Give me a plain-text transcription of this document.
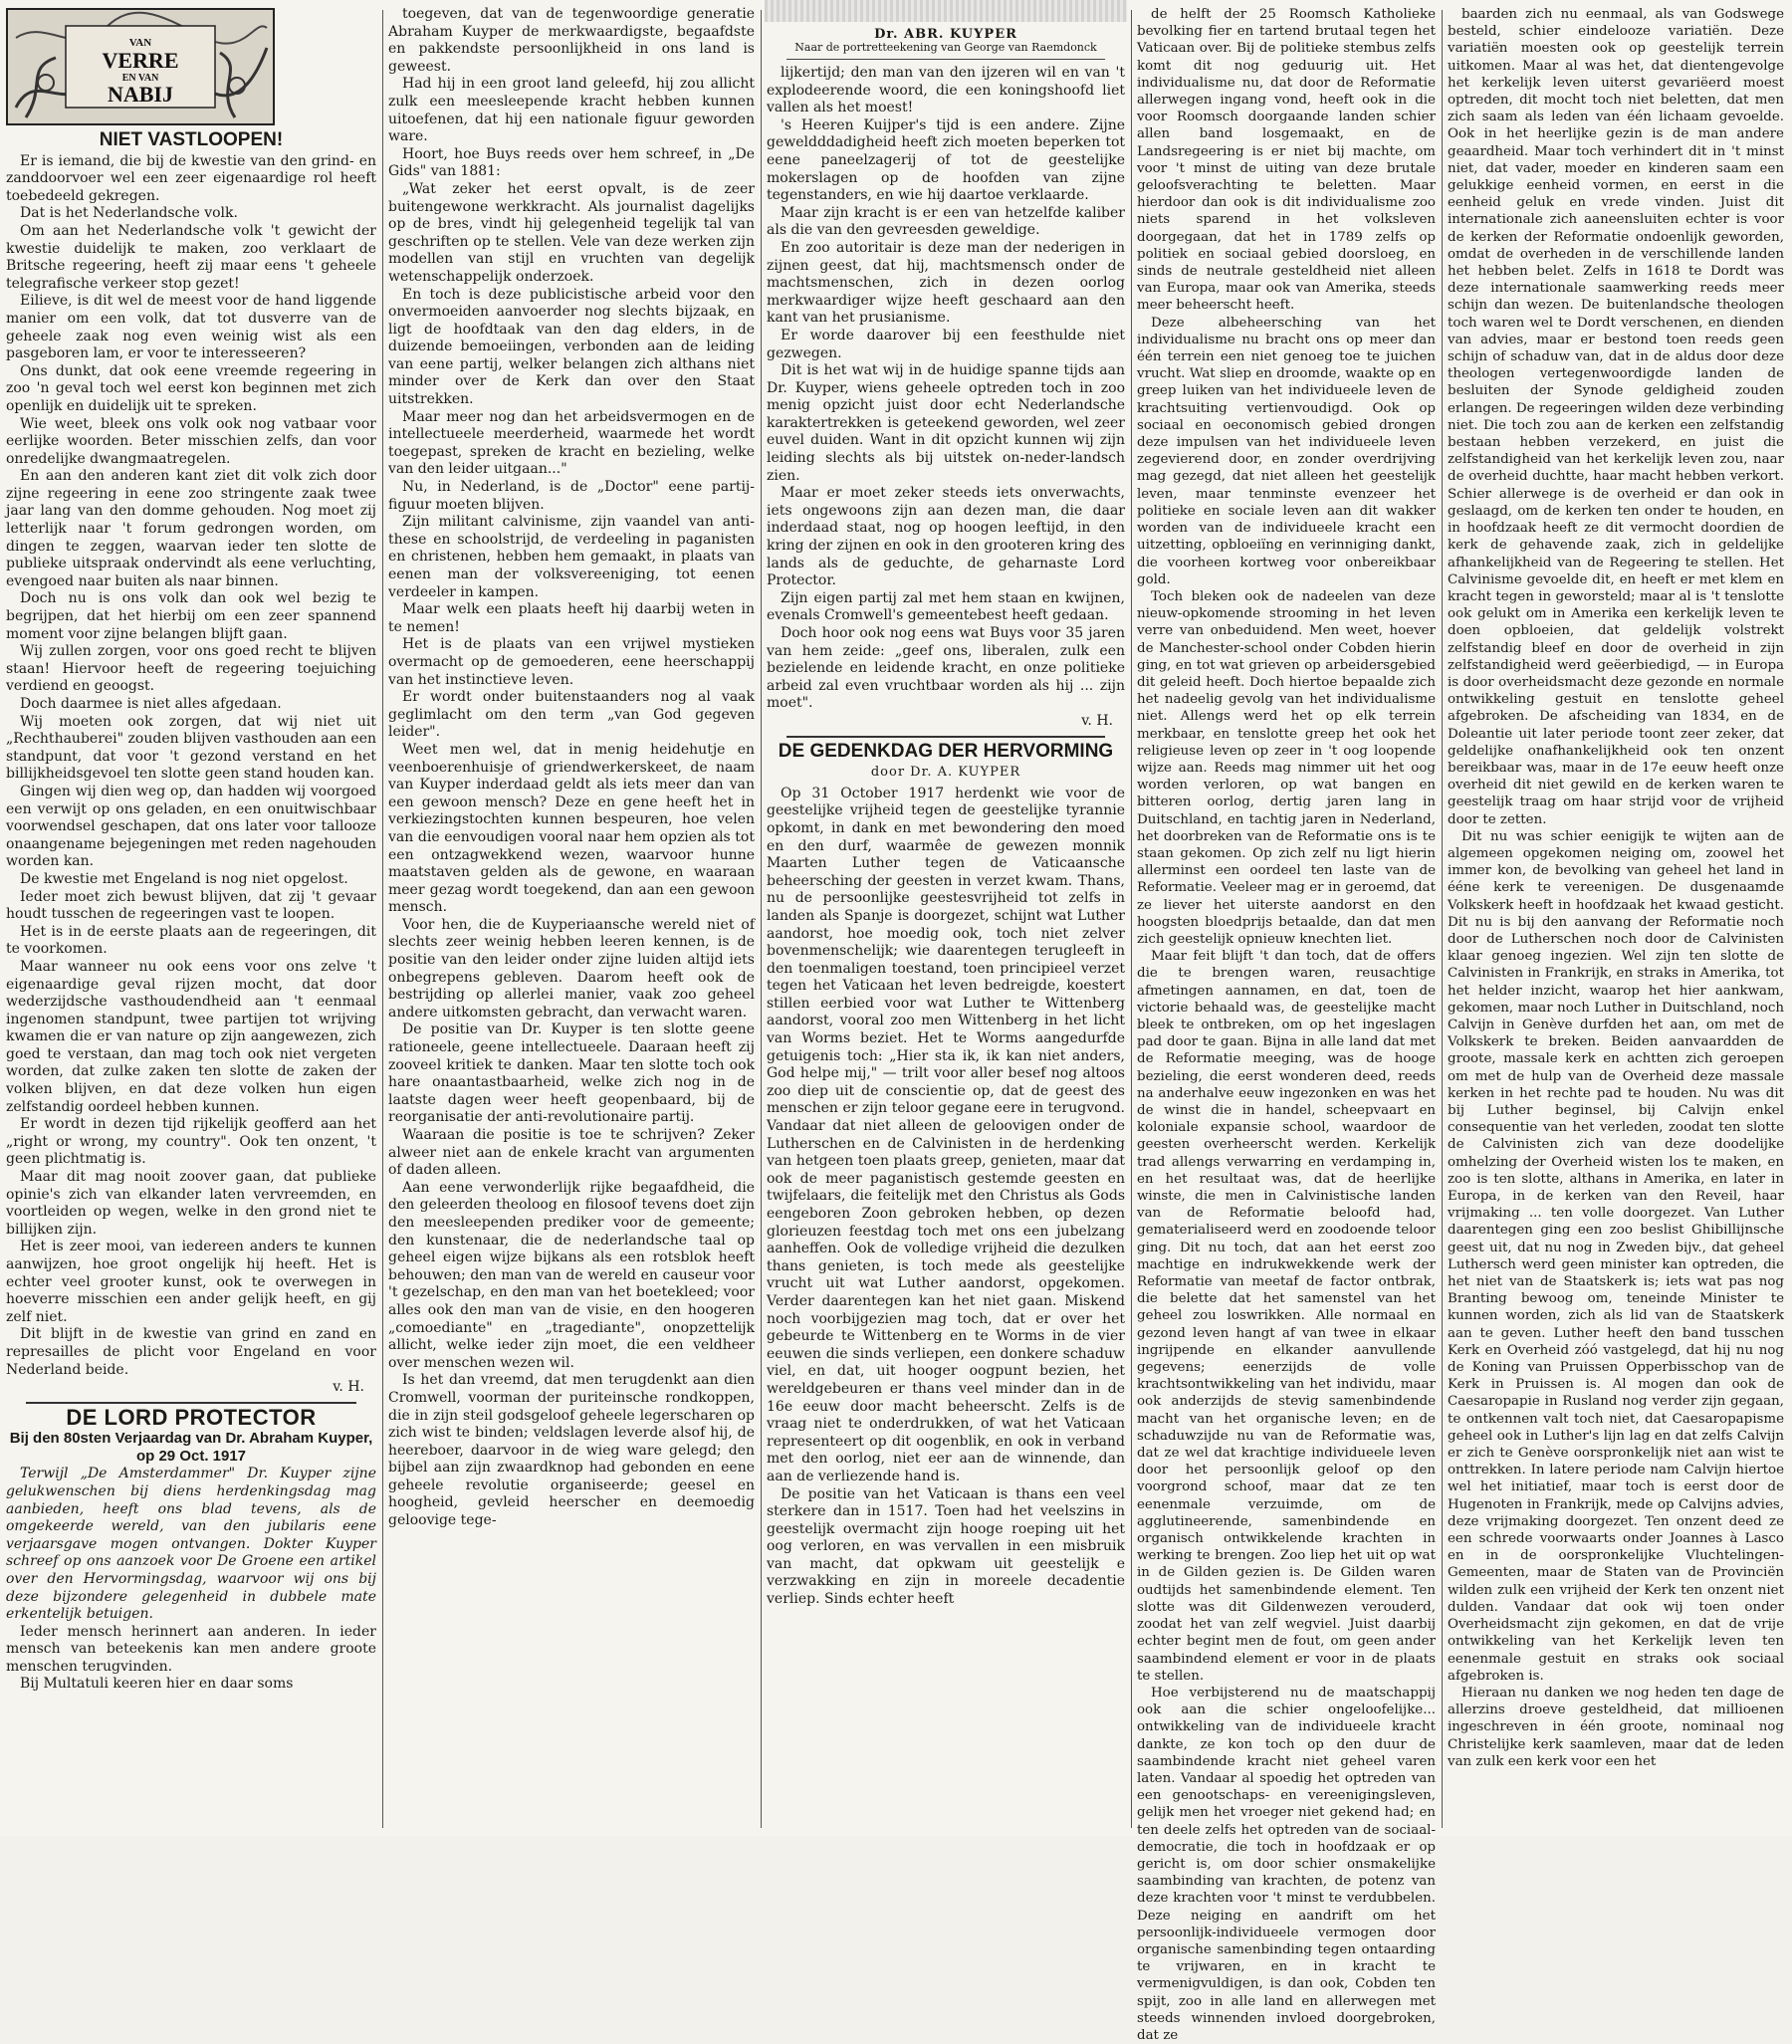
VAN
VERRE
EN VAN
NABIJ
NIET VASTLOOPEN!

Er is iemand, die bij de kwestie van den grind- en zanddoorvoer wel een zeer eigenaardige rol heeft toebedeeld gekregen.

Dat is het Nederlandsche volk.

Om aan het Nederlandsche volk 't gewicht der kwestie duidelijk te maken, zoo verklaart de Britsche regeering, heeft zij maar eens 't geheele telegrafische verkeer stop gezet!

Eilieve, is dit wel de meest voor de hand liggende manier om een volk, dat tot dusverre van de geheele zaak nog even weinig wist als een pasgeboren lam, er voor te interesseeren?

Ons dunkt, dat ook eene vreemde regeering in zoo 'n geval toch wel eerst kon beginnen met zich openlijk en duidelijk uit te spreken.

Wie weet, bleek ons volk ook nog vatbaar voor eerlijke woorden. Beter misschien zelfs, dan voor onredelijke dwangmaatregelen.

En aan den anderen kant ziet dit volk zich door zijne regeering in eene zoo stringente zaak twee jaar lang van den domme gehouden. Nog moet zij letterlijk naar 't forum gedrongen worden, om dingen te zeggen, waarvan ieder ten slotte de publieke uitspraak ondervindt als eene verluchting, evengoed naar buiten als naar binnen.

Doch nu is ons volk dan ook wel bezig te begrijpen, dat het hierbij om een zeer spannend moment voor zijne belangen blijft gaan.

Wij zullen zorgen, voor ons goed recht te blijven staan! Hiervoor heeft de regeering toejuiching verdiend en geoogst.

Doch daarmee is niet alles afgedaan.

Wij moeten ook zorgen, dat wij niet uit „Rechthauberei" zouden blijven vasthouden aan een standpunt, dat voor 't gezond verstand en het billijkheidsgevoel ten slotte geen stand houden kan.

Gingen wij dien weg op, dan hadden wij voorgoed een verwijt op ons geladen, en een onuitwischbaar voorwendsel geschapen, dat ons later voor tallooze onaangename bejegeningen met reden nagehouden worden kan.

De kwestie met Engeland is nog niet opgelost.

Ieder moet zich bewust blijven, dat zij 't gevaar houdt tusschen de regeeringen vast te loopen.

Het is in de eerste plaats aan de regeeringen, dit te voorkomen.

Maar wanneer nu ook eens voor ons zelve 't eigenaardige geval rijzen mocht, dat door wederzijdsche vasthoudendheid aan 't eenmaal ingenomen standpunt, twee partijen tot wrijving kwamen die er van nature op zijn aangewezen, zich goed te verstaan, dan mag toch ook niet vergeten worden, dat zulke zaken ten slotte de zaken der volken blijven, en dat deze volken hun eigen zelfstandig oordeel hebben kunnen.

Er wordt in dezen tijd rijkelijk geofferd aan het „right or wrong, my country". Ook ten onzent, 't geen plichtmatig is.

Maar dit mag nooit zoover gaan, dat publieke opinie's zich van elkander laten vervreemden, en voortleiden op wegen, welke in den grond niet te billijken zijn.

Het is zeer mooi, van iedereen anders te kunnen aanwijzen, hoe groot ongelijk hij heeft. Het is echter veel grooter kunst, ook te overwegen in hoeverre misschien een ander gelijk heeft, en gij zelf niet.

Dit blijft in de kwestie van grind en zand en represailles de plicht voor Engeland en voor Nederland beide.

v. H.

DE LORD PROTECTOR
Bij den 80sten Verjaardag van Dr. Abraham Kuyper, op 29 Oct. 1917

Terwijl „De Amsterdammer" Dr. Kuyper zijne gelukwenschen bij diens herdenkingsdag mag aanbieden, heeft ons blad tevens, als de omgekeerde wereld, van den jubilaris eene verjaarsgave mogen ontvangen. Dokter Kuyper schreef op ons aanzoek voor De Groene een artikel over den Hervormingsdag, waarvoor wij ons bij deze bijzondere gelegenheid in dubbele mate erkentelijk betuigen.

Ieder mensch herinnert aan anderen. In ieder mensch van beteekenis kan men andere groote menschen terugvinden.

Bij Multatuli keeren hier en daar soms

toegeven, dat van de tegenwoordige generatie Abraham Kuyper de merkwaardigste, begaafdste en pakkendste persoonlijkheid in ons land is geweest.

Had hij in een groot land geleefd, hij zou allicht zulk een meesleepende kracht hebben kunnen uitoefenen, dat hij een nationale figuur geworden ware.

Hoort, hoe Buys reeds over hem schreef, in „De Gids" van 1881:

„Wat zeker het eerst opvalt, is de zeer buitengewone werkkracht. Als journalist dagelijks op de bres, vindt hij gelegenheid tegelijk tal van geschriften op te stellen. Vele van deze werken zijn modellen van stijl en vruchten van degelijk wetenschappelijk onderzoek.

En toch is deze publicistische arbeid voor den onvermoeiden aanvoerder nog slechts bijzaak, en ligt de hoofdtaak van den dag elders, in de duizende bemoeiingen, verbonden aan de leiding van eene partij, welker belangen zich althans niet minder over de Kerk dan over den Staat uitstrekken.

Maar meer nog dan het arbeidsvermogen en de intellectueele meerderheid, waarmede het wordt toegepast, spreken de kracht en bezieling, welke van den leider uitgaan..."

Nu, in Nederland, is de „Doctor" eene partij-figuur moeten blijven.

Zijn militant calvinisme, zijn vaandel van anti-these en schoolstrijd, de verdeeling in paganisten en christenen, hebben hem gemaakt, in plaats van eenen man der volksvereeniging, tot eenen verdeeler in kampen.

Maar welk een plaats heeft hij daarbij weten in te nemen!

Het is de plaats van een vrijwel mystieken overmacht op de gemoederen, eene heerschappij van het instinctieve leven.

Er wordt onder buitenstaanders nog al vaak geglimlacht om den term „van God gegeven leider".

Weet men wel, dat in menig heidehutje en veenboerenhuisje of griendwerkerskeet, de naam van Kuyper inderdaad geldt als iets meer dan van een gewoon mensch? Deze en gene heeft het in verkiezingstochten kunnen bespeuren, hoe velen van die eenvoudigen vooral naar hem opzien als tot een ontzagwekkend wezen, waarvoor hunne maatstaven gelden als de gewone, en waaraan meer gezag wordt toegekend, dan aan een gewoon mensch.

Voor hen, die de Kuyperiaansche wereld niet of slechts zeer weinig hebben leeren kennen, is de positie van den leider onder zijne luiden altijd iets onbegrepens gebleven. Daarom heeft ook de bestrijding op allerlei manier, vaak zoo geheel andere uitkomsten gebracht, dan verwacht waren.

De positie van Dr. Kuyper is ten slotte geene rationeele, geene intellectueele. Daaraan heeft zij zooveel kritiek te danken. Maar ten slotte toch ook hare onaantastbaarheid, welke zich nog in de laatste dagen weer heeft geopenbaard, bij de reorganisatie der anti-revolutionaire partij.

Waaraan die positie is toe te schrijven? Zeker alweer niet aan de enkele kracht van argumenten of daden alleen.

Aan eene verwonderlijk rijke begaafdheid, die den geleerden theoloog en filosoof tevens doet zijn den meesleependen prediker voor de gemeente; den kunstenaar, die de nederlandsche taal op geheel eigen wijze bijkans als een rotsblok heeft behouwen; den man van de wereld en causeur voor 't gezelschap, en den man van het boetekleed; voor alles ook den man van de visie, en den hoogeren „comoediante" en „tragediante", onopzettelijk allicht, welke ieder zijn moet, die een veldheer over menschen wezen wil.

Is het dan vreemd, dat men terugdenkt aan dien Cromwell, voorman der puriteinsche rondkoppen, die in zijn steil godsgeloof geheele legerscharen op zich wist te binden; veldslagen leverde alsof hij, de heereboer, daarvoor in de wieg ware gelegd; den bijbel aan zijn zwaardknop had gebonden en eene geheele revolutie organiseerde; geesel en hoogheid, gevleid heerscher en deemoedig geloovige tege-

Dr. ABR. KUYPER
Naar de portretteekening van George van Raemdonck

lijkertijd; den man van den ijzeren wil en van 't explodeerende woord, die een koningshoofd liet vallen als het moest!

's Heeren Kuijper's tijd is een andere. Zijne geweldddadigheid heeft zich moeten beperken tot eene paneelzagerij of tot de geestelijke mokerslagen op de hoofden van zijne tegenstanders, en wie hij daartoe verklaarde.

Maar zijn kracht is er een van hetzelfde kaliber als die van den gevreesden geweldige.

En zoo autoritair is deze man der nederigen in zijnen geest, dat hij, machtsmensch onder de machtsmenschen, zich in dezen oorlog merkwaardiger wijze heeft geschaard aan den kant van het prusianisme.

Er worde daarover bij een feesthulde niet gezwegen.

Dit is het wat wij in de huidige spanne tijds aan Dr. Kuyper, wiens geheele optreden toch in zoo menig opzicht juist door echt Nederlandsche karaktertrekken is geteekend geworden, wel zeer euvel duiden. Want in dit opzicht kunnen wij zijn leiding slechts als bij uitstek on-neder-landsch zien.

Maar er moet zeker steeds iets onverwachts, iets ongewoons zijn aan dezen man, die daar inderdaad staat, nog op hoogen leeftijd, in den kring der zijnen en ook in den grooteren kring des lands als de geduchte, de geharnaste Lord Protector.

Zijn eigen partij zal met hem staan en kwijnen, evenals Cromwell's gemeentebest heeft gedaan.

Doch hoor ook nog eens wat Buys voor 35 jaren van hem zeide: „geef ons, liberalen, zulk een bezielende en leidende kracht, en onze politieke arbeid zal even vruchtbaar worden als hij ... zijn moet".

v. H.

DE GEDENKDAG DER HERVORMING
door Dr. A. KUYPER

Op 31 October 1917 herdenkt wie voor de geestelijke vrijheid tegen de geestelijke tyrannie opkomt, in dank en met bewondering den moed en den durf, waarmêe de gewezen monnik Maarten Luther tegen de Vaticaansche beheersching der geesten in verzet kwam. Thans, nu de persoonlijke geestesvrijheid tot zelfs in landen als Spanje is doorgezet, schijnt wat Luther aandorst, hoe moedig ook, toch niet zelver bovenmenschelijk; wie daarentegen terugleeft in den toenmaligen toestand, toen principieel verzet tegen het Vaticaan het leven bedreigde, koestert stillen eerbied voor wat Luther te Wittenberg aandorst, vooral zoo men Wittenberg in het licht van Worms beziet. Het te Worms aangedurfde getuigenis toch: „Hier sta ik, ik kan niet anders, God helpe mij," — trilt voor aller besef nog altoos zoo diep uit de conscientie op, dat de geest des menschen er zijn teloor gegane eere in terugvond. Vandaar dat niet alleen de geloovigen onder de Lutherschen en de Calvinisten in de herdenking van hetgeen toen plaats greep, genieten, maar dat ook de meer paganistisch gestemde geesten en twijfelaars, die feitelijk met den Christus als Gods eengeboren Zoon gebroken hebben, op dezen glorieuzen feestdag toch met ons een jubelzang aanheffen. Ook de volledige vrijheid die dezulken thans genieten, is toch mede als geestelijke vrucht uit wat Luther aandorst, opgekomen. Verder daarentegen kan het niet gaan. Miskend noch voorbijgezien mag toch, dat er over het gebeurde te Wittenberg en te Worms in de vier eeuwen die sinds verliepen, een donkere schaduw viel, en dat, uit hooger oogpunt bezien, het wereldgebeuren er thans veel minder dan in de 16e eeuw door macht beheerscht. Zelfs is de vraag niet te onderdrukken, of wat het Vaticaan representeert op dit oogenblik, en ook in verband met den oorlog, niet eer aan de winnende, dan aan de verliezende hand is.

De positie van het Vaticaan is thans een veel sterkere dan in 1517. Toen had het veelszins in geestelijk overmacht zijn hooge roeping uit het oog verloren, en was vervallen in een misbruik van macht, dat opkwam uit geestelijk e verzwakking en zijn in moreele decadentie verliep. Sinds echter heeft

de helft der 25 Roomsch Katholieke bevolking fier en tartend brutaal tegen het Vaticaan over. Bij de politieke stembus zelfs komt dit nog geduurig uit. Het individualisme nu, dat door de Reformatie allerwegen ingang vond, heeft ook in die voor Roomsch doorgaande landen schier allen band losgemaakt, en de Landsregeering is er niet bij machte, om voor 't minst de uiting van deze brutale geloofsverachting te beletten. Maar hierdoor dan ook is dit individualisme zoo niets sparend in het volksleven doorgegaan, dat het in 1789 zelfs op politiek en sociaal gebied doorsloeg, en sinds de neutrale gesteldheid niet alleen van Europa, maar ook van Amerika, steeds meer beheerscht heeft.

Deze albeheersching van het individualisme nu bracht ons op meer dan één terrein een niet genoeg toe te juichen vrucht. Wat sliep en droomde, waakte op en greep luiken van het individueele leven de krachtsuiting vertienvoudigd. Ook op sociaal en oeconomisch gebied drongen deze impulsen van het individueele leven zegevierend door, en zonder overdrijving mag gezegd, dat niet alleen het geestelijk leven, maar tenminste evenzeer het politieke en sociale leven aan dit wakker worden van de individueele kracht een uitzetting, opbloeiïng en verinniging dankt, die voorheen kortweg voor onbereikbaar gold.

Toch bleken ook de nadeelen van deze nieuw-opkomende strooming in het leven verre van onbeduidend. Men weet, hoever de Manchester-school onder Cobden hierin ging, en tot wat grieven op arbeidersgebied dit geleid heeft. Doch hiertoe bepaalde zich het nadeelig gevolg van het individualisme niet. Allengs werd het op elk terrein merkbaar, en tenslotte greep het ook het religieuse leven op zeer in 't oog loopende wijze aan. Reeds mag nimmer uit het oog worden verloren, op wat bangen en bitteren oorlog, dertig jaren lang in Duitschland, en tachtig jaren in Nederland, het doorbreken van de Reformatie ons is te staan gekomen. Op zich zelf nu ligt hierin allerminst een oordeel ten laste van de Reformatie. Veeleer mag er in geroemd, dat ze liever het uiterste aandorst en den hoogsten bloedprijs betaalde, dan dat men zich geestelijk opnieuw knechten liet.

Maar feit blijft 't dan toch, dat de offers die te brengen waren, reusachtige afmetingen aannamen, en dat, toen de victorie behaald was, de geestelijke macht bleek te ontbreken, om op het ingeslagen pad door te gaan. Bijna in alle land dat met de Reformatie meeging, was de hooge bezieling, die eerst wonderen deed, reeds na anderhalve eeuw ingezonken en was het de winst die in handel, scheepvaart en koloniale expansie school, waardoor de geesten overheerscht werden. Kerkelijk trad allengs verwarring en verdamping in, en het resultaat was, dat de heerlijke winste, die men in Calvinistische landen van de Reformatie beloofd had, gematerialiseerd werd en zoodoende teloor ging. Dit nu toch, dat aan het eerst zoo machtige en indrukwekkende werk der Reformatie van meetaf de factor ontbrak, die belette dat het samenstel van het geheel zou loswrikken. Alle normaal en gezond leven hangt af van twee in elkaar ingrijpende en elkander aanvullende gegevens; eenerzijds de volle krachtsontwikkeling van het individu, maar ook anderzijds de stevig samenbindende macht van het organische leven; en de schaduwzijde nu van de Reformatie was, dat ze wel dat krachtige individueele leven door het persoonlijk geloof op den voorgrond schoof, maar dat ze ten eenenmale verzuimde, om de agglutineerende, samenbindende en organisch ontwikkelende krachten in werking te brengen. Zoo liep het uit op wat in de Gilden gezien is. De Gilden waren oudtijds het samenbindende element. Ten slotte was dit Gildenwezen verouderd, zoodat het van zelf wegviel. Juist daarbij echter begint men de fout, om geen ander saambindend element er voor in de plaats te stellen.

Hoe verbijsterend nu de maatschappij ook aan die schier ongeloofelijke... ontwikkeling van de individueele kracht dankte, ze kon toch op den duur de saambindende kracht niet geheel varen laten. Vandaar al spoedig het optreden van een genootschaps- en vereenigingsleven, gelijk men het vroeger niet gekend had; en ten deele zelfs het optreden van de sociaal-democratie, die toch in hoofdzaak er op gericht is, om door schier onsmakelijke saambinding van krachten, de potenz van deze krachten voor 't minst te verdubbelen. Deze neiging en aandrift om het persoonlijk-individueele vermogen door organische samenbinding tegen ontaarding te vrijwaren, en in kracht te vermenigvuldigen, is dan ook, Cobden ten spijt, zoo in alle land en allerwegen met steeds winnenden invloed doorgebroken, dat ze

baarden zich nu eenmaal, als van Godswege besteld, schier eindelooze variatiën. Deze variatiën moesten ook op geestelijk terrein uitkomen. Maar al was het, dat dientengevolge het kerkelijk leven uiterst gevariëerd moest optreden, dit mocht toch niet beletten, dat men zich saam als leden van één lichaam gevoelde. Ook in het heerlijke gezin is de man andere geaardheid. Maar toch verhindert dit in 't minst niet, dat vader, moeder en kinderen saam een gelukkige eenheid vormen, en eerst in die eenheid geluk en vrede vinden. Juist dit internationale zich aaneensluiten echter is voor de kerken der Reformatie ondoenlijk geworden, omdat de overheden in de verschillende landen het hebben belet. Zelfs in 1618 te Dordt was deze internationale saamwerking reeds meer schijn dan wezen. De buitenlandsche theologen toch waren wel te Dordt verschenen, en dienden van advies, maar er bestond toen reeds geen schijn of schaduw van, dat in de aldus door deze theologen vertegenwoordigde landen de besluiten der Synode geldigheid zouden erlangen. De regeeringen wilden deze verbinding niet. Die toch zou aan de kerken een zelfstandig bestaan hebben verzekerd, en juist die zelfstandigheid van het kerkelijk leven zou, naar de overheid duchtte, haar macht hebben verkort. Schier allerwege is de overheid er dan ook in geslaagd, om de kerken ten onder te houden, en in hoofdzaak heeft ze dit vermocht doordien de kerk de gehavende zaak, zich in geldelijke afhankelijkheid van de Regeering te stellen. Het Calvinisme gevoelde dit, en heeft er met klem en kracht tegen in geworsteld; maar al is 't tenslotte ook gelukt om in Amerika een kerkelijk leven te doen opbloeien, dat geldelijk volstrekt zelfstandig bleef en door de overheid in zijn zelfstandigheid werd geëerbiedigd, — in Europa is door overheidsmacht deze gezonde en normale ontwikkeling gestuit en tenslotte geheel afgebroken. De afscheiding van 1834, en de Doleantie uit later periode toont zeer zeker, dat geldelijke onafhankelijkheid ook ten onzent bereikbaar was, maar in de 17e eeuw heeft onze overheid dit niet gewild en de kerken waren te geestelijk traag om haar strijd voor de vrijheid door te zetten.

Dit nu was schier eenigijk te wijten aan de algemeen opgekomen neiging om, zoowel het immer kon, de bevolking van geheel het land in ééne kerk te vereenigen. De dusgenaamde Volkskerk heeft in hoofdzaak het kwaad gesticht. Dit nu is bij den aanvang der Reformatie noch door de Lutherschen noch door de Calvinisten klaar genoeg ingezien. Wel zijn ten slotte de Calvinisten in Frankrijk, en straks in Amerika, tot het helder inzicht, waarop het hier aankwam, gekomen, maar noch Luther in Duitschland, noch Calvijn in Genève durfden het aan, om met de Volkskerk te breken. Beiden aanvaardden de groote, massale kerk en achtten zich geroepen om met de hulp van de Overheid deze massale kerken in het rechte pad te houden. Nu was dit bij Luther beginsel, bij Calvijn enkel consequentie van het verleden, zoodat ten slotte de Calvinisten zich van deze doodelijke omhelzing der Overheid wisten los te maken, en zoo is ten slotte, althans in Amerika, en later in Europa, in de kerken van den Reveil, haar vrijmaking ... ten volle doorgezet. Van Luther daarentegen ging een zoo beslist Ghibillijnsche geest uit, dat nu nog in Zweden bijv., dat geheel Luthersch werd geen minister kan optreden, die het niet van de Staatskerk is; iets wat pas nog Branting bewoog om, teneinde Minister te kunnen worden, zich als lid van de Staatskerk aan te geven. Luther heeft den band tusschen Kerk en Overheid zóó vastgelegd, dat hij nu nog de Koning van Pruissen Opperbisschop van de Kerk in Pruissen is. Al mogen dan ook de Caesaropapie in Rusland nog verder zijn gegaan, te ontkennen valt toch niet, dat Caesaropapisme geheel ook in Luther's lijn lag en dat zelfs Calvijn er zich te Genève oorspronkelijk niet aan wist te onttrekken. In latere periode nam Calvijn hiertoe wel het initiatief, maar toch is eerst door de Hugenoten in Frankrijk, mede op Calvijns advies, deze vrijmaking doorgezet. Ten onzent deed ze een schrede voorwaarts onder Joannes à Lasco en in de oorspronkelijke Vluchtelingen-Gemeenten, maar de Staten van de Provinciën wilden zulk een vrijheid der Kerk ten onzent niet dulden. Vandaar dat ook wij toen onder Overheidsmacht zijn gekomen, en dat de vrije ontwikkeling van het Kerkelijk leven ten eenenmale gestuit en straks ook sociaal afgebroken is.

Hieraan nu danken we nog heden ten dage de allerzins droeve gesteldheid, dat millioenen ingeschreven in één groote, nominaal nog Christelijke kerk saamleven, maar dat de leden van zulk een kerk voor een het
